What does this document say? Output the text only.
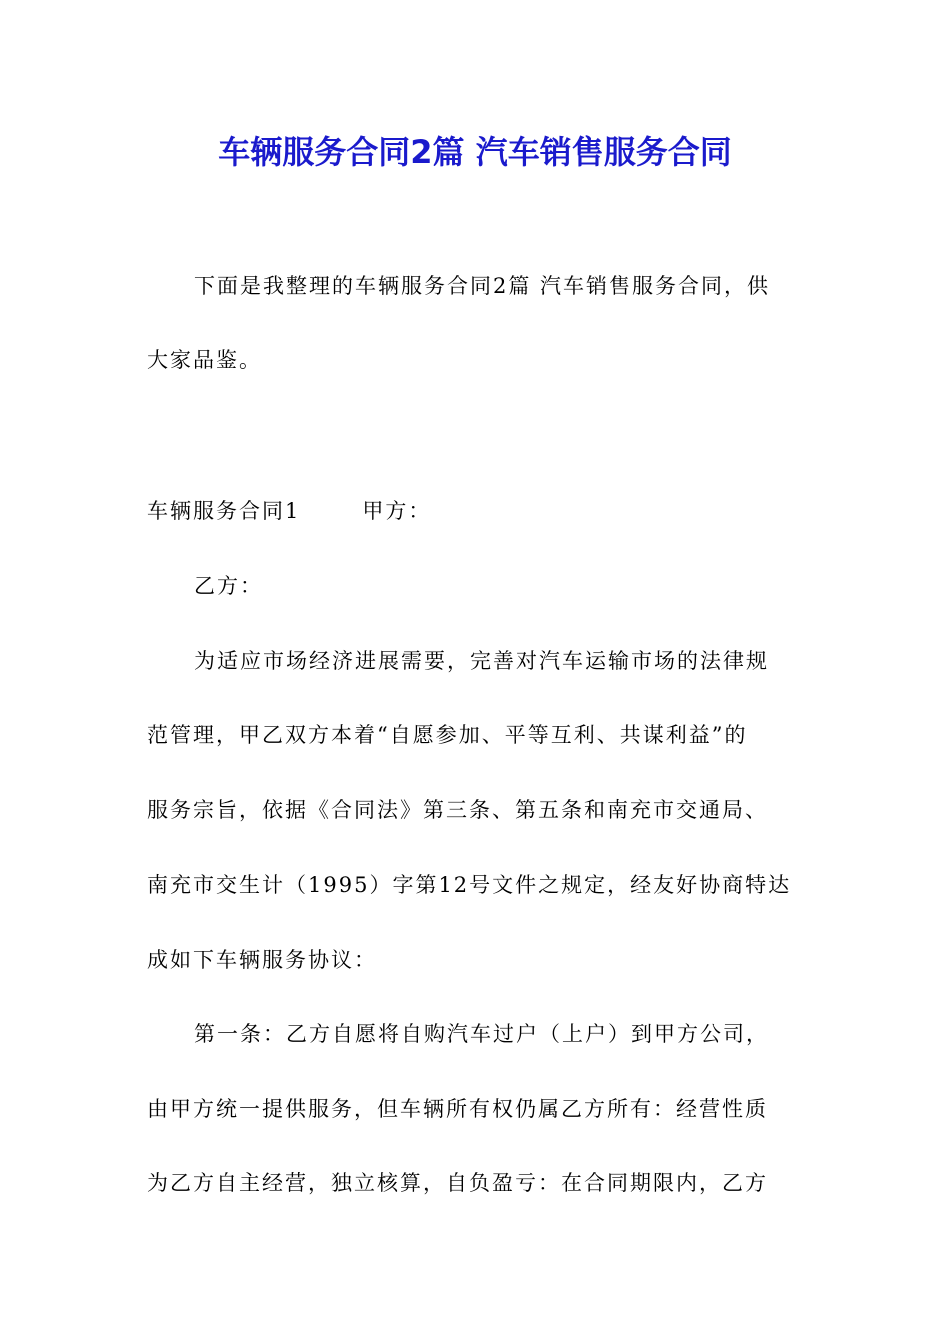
车辆服务合同2篇 汽车销售服务合同
下面是我整理的车辆服务合同2篇 汽车销售服务合同，供
大家品鉴。
车辆服务合同1	甲方：
乙方：
为适应市场经济进展需要，完善对汽车运输市场的法律规
范管理，甲乙双方本着“自愿参加、平等互利、共谋利益”的
服务宗旨，依据《合同法》第三条、第五条和南充市交通局、
南充市交生计（1995）字第12号文件之规定，经友好协商特达
成如下车辆服务协议：
第一条：乙方自愿将自购汽车过户（上户）到甲方公司，
由甲方统一提供服务，但车辆所有权仍属乙方所有：经营性质
为乙方自主经营，独立核算，自负盈亏：在合同期限内，乙方
